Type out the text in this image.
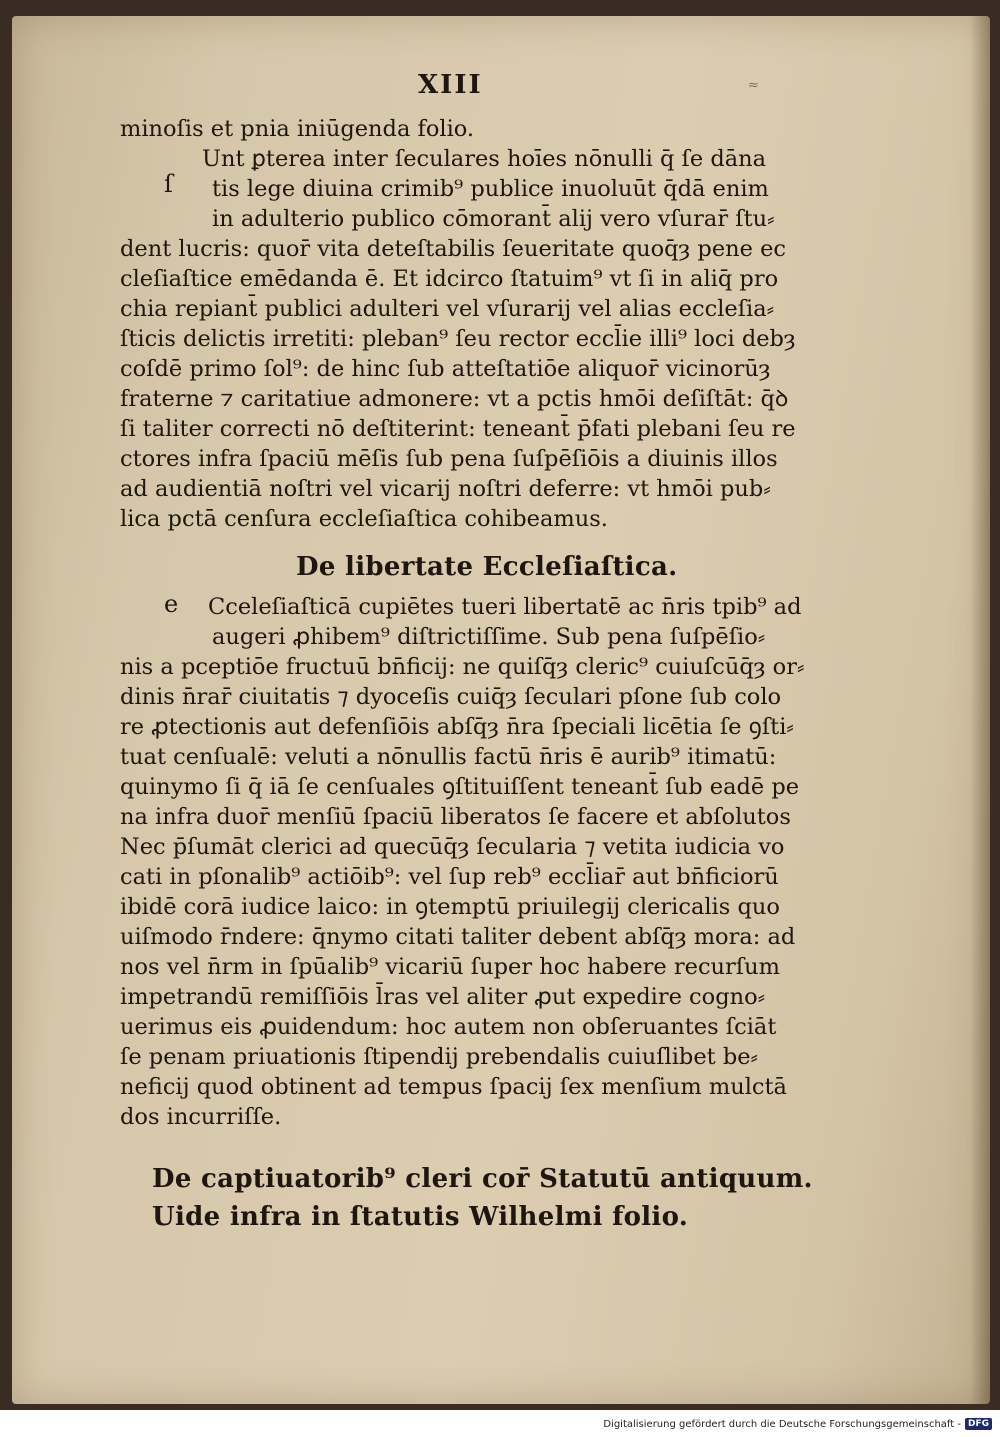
XIII	≈
minoſis et pnia iniūgenda folio.
Unt ꝑterea inter ſeculares hoīes nōnulli q̄ ſe dāna
ſ tis lege diuina crimib⁹ publice inuoluūt q̄dā enim
in adulterio publico cōmorant̄ alij vero vſurar̄ ſtu⸗
dent lucris: quor̄ vita deteſtabilis ſeueritate quoq̄ȝ pene ec
cleſiaſtice emēdanda ē. Et idcirco ſtatuim⁹ vt ſi in aliq̄ pro
chia repiant̄ publici adulteri vel vſurarij vel alias eccleſia⸗
ſticis delictis irretiti: pleban⁹ ſeu rector eccl̄ie illi⁹ loci debȝ
coſdē primo ſol⁹: de hinc ſub atteſtatiōe aliquor̄ vicinorūȝ
fraterne ⁊ caritatiue admonere: vt a pctis hmōi deſiſtāt: q̄ꝺ
ſi taliter correcti nō deſtiterint: teneant̄ p̄fati plebani ſeu re
ctores infra ſpaciū mēſis ſub pena ſuſpēſiōis a diuinis illos
ad audientiā noſtri vel vicarij noſtri deferre: vt hmōi pub⸗
lica pctā cenſura eccleſiaſtica cohibeamus.
De libertate Eccleſiaſtica.
e Cceleſiaſticā cupiētes tueri libertatē ac n̄ris tpib⁹ ad
augeri ꝓhibem⁹ diſtrictiſſime. Sub pena ſuſpēſio⸗
nis a pceptiōe fructuū bn̄ficij: ne quiſq̄ȝ cleric⁹ cuiuſcūq̄ȝ or⸗
dinis n̄rar̄ ciuitatis ⁊ dyoceſis cuiq̄ȝ ſeculari pſone ſub colo
re ꝓtectionis aut defenſiōis abſq̄ȝ n̄ra ſpeciali licētia ſe ꝯſti⸗
tuat cenſualē: veluti a nōnullis factū n̄ris ē aurib⁹ itimatū:
quinymo ſi q̄ iā ſe cenſuales ꝯſtituiſſent teneant̄ ſub eadē pe
na infra duor̄ menſiū ſpaciū liberatos ſe facere et abſolutos
Nec p̄ſumāt clerici ad quecūq̄ȝ ſecularia ⁊ vetita iudicia vo
cati in pſonalib⁹ actiōib⁹: vel ſup reb⁹ eccl̄iar̄ aut bn̄ficiorū
ibidē corā iudice laico: in ꝯtemptū priuilegij clericalis quo
uiſmodo r̄ndere: q̄nymo citati taliter debent abſq̄ȝ mora: ad
nos vel n̄rm in ſpūalib⁹ vicariū ſuper hoc habere recurſum
impetrandū remiſſiōis l̄ras vel aliter ꝓut expedire cogno⸗
uerimus eis ꝓuidendum: hoc autem non obſeruantes ſciāt
ſe penam priuationis ſtipendij prebendalis cuiuſlibet be⸗
neficij quod obtinent ad tempus ſpacij ſex menſium mulctā
dos incurriſſe.
De captiuatorib⁹ cleri cor̄ Statutū antiquum.
Uide infra in ſtatutis Wilhelmi folio.
Digitalisierung gefördert durch die Deutsche Forschungsgemeinschaft - DFG
